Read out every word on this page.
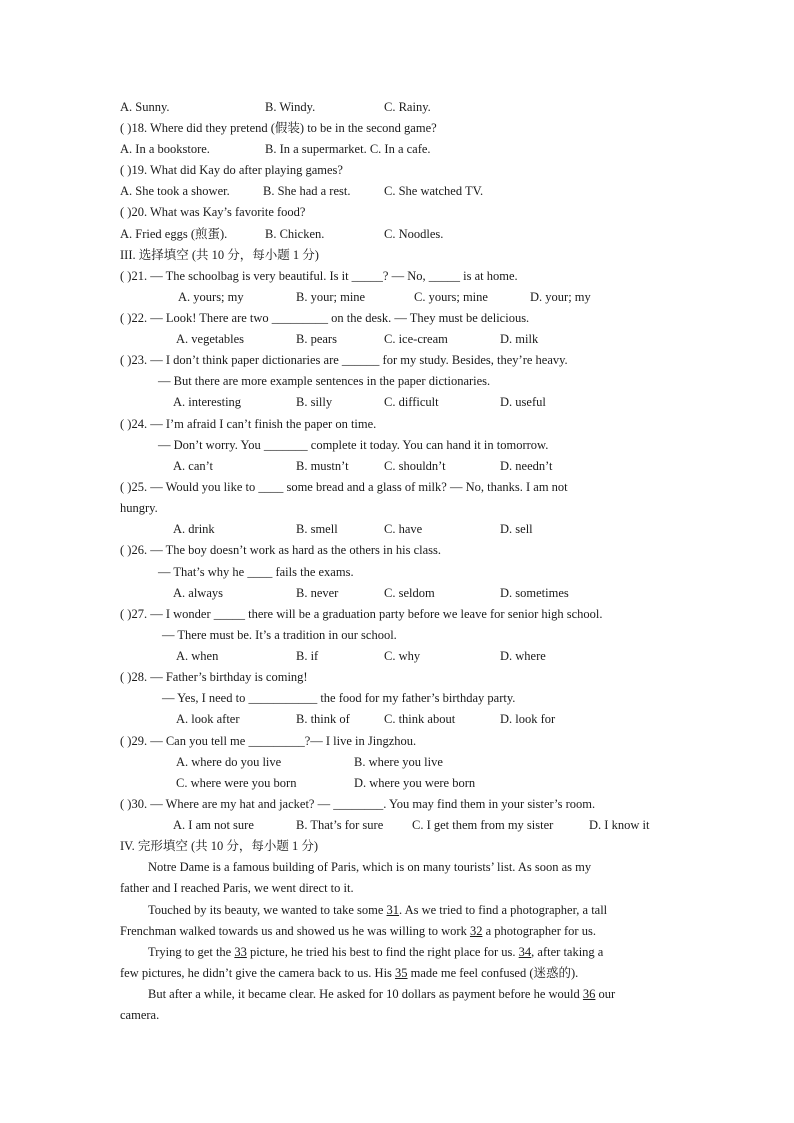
A. Sunny.	B. Windy.	C. Rainy.
( )18. Where did they pretend (假装) to be in the second game?
A. In a bookstore.	B. In a supermarket. C. In a cafe.
( )19. What did Kay do after playing games?
A. She took a shower.	B. She had a rest.	C. She watched TV.
( )20. What was Kay’s favorite food?
A. Fried eggs (煎蛋).	B. Chicken.	C. Noodles.
III. 选择填空 (共 10 分，每小题 1 分)
( )21. — The schoolbag is very beautiful. Is it _____? — No, _____ is at home.
A. yours; my	B. your; mine	C. yours; mine	D. your; my
( )22. — Look! There are two _________ on the desk. — They must be delicious.
A. vegetables	B. pears	C. ice-cream	D. milk
( )23. — I don’t think paper dictionaries are ______ for my study. Besides, they’re heavy.
— But there are more example sentences in the paper dictionaries.
A. interesting	B. silly	C. difficult	D. useful
( )24. — I’m afraid I can’t finish the paper on time.
— Don’t worry. You _______ complete it today. You can hand it in tomorrow.
A. can’t	B. mustn’t	C. shouldn’t	D. needn’t
( )25. — Would you like to ____ some bread and a glass of milk? — No, thanks. I am not
hungry.
A. drink	B. smell	C. have	D. sell
( )26. — The boy doesn’t work as hard as the others in his class.
— That’s why he ____ fails the exams.
A. always	B. never	C. seldom	D. sometimes
( )27. — I wonder _____ there will be a graduation party before we leave for senior high school.
— There must be. It’s a tradition in our school.
A. when	B. if	C. why	D. where
( )28. — Father’s birthday is coming!
— Yes, I need to ___________ the food for my father’s birthday party.
A. look after	B. think of	C. think about	D. look for
( )29. — Can you tell me _________?— I live in Jingzhou.
A. where do you live	B. where you live
C. where were you born	D. where you were born
( )30. — Where are my hat and jacket? — ________. You may find them in your sister’s room.
A. I am not sure	B. That’s for sure C. I get them from my sister	D. I know it
IV. 完形填空 (共 10 分，每小题 1 分)
Notre Dame is a famous building of Paris, which is on many tourists’ list. As soon as my
father and I reached Paris, we went direct to it.
Touched by its beauty, we wanted to take some 31. As we tried to find a photographer, a tall
Frenchman walked towards us and showed us he was willing to work 32 a photographer for us.
Trying to get the 33 picture, he tried his best to find the right place for us. 34, after taking a
few pictures, he didn’t give the camera back to us. His 35 made me feel confused (迷惑的).
But after a while, it became clear. He asked for 10 dollars as payment before he would 36 our
camera.
